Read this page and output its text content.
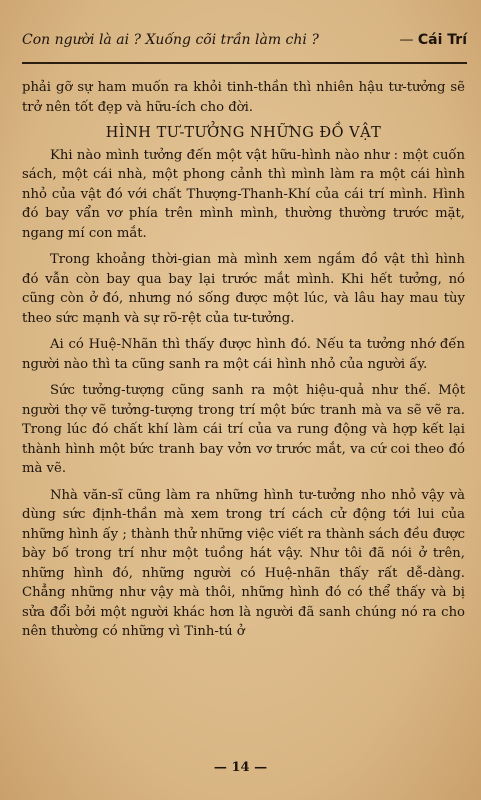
Con người là ai ? Xuống cõi trần làm chi ?	— Cái Trí

phải gỡ sự ham muốn ra khỏi tinh-thần thì nhiên hậu tư-tưởng sẽ trở nên tốt đẹp và hữu-ích cho đời.

HÌNH TƯ-TƯỞNG NHỮNG ĐỒ VẬT

Khi nào mình tưởng đến một vật hữu-hình nào như : một cuốn sách, một cái nhà, một phong cảnh thì mình làm ra một cái hình nhỏ của vật đó với chất Thượng-Thanh-Khí của cái trí mình. Hình đó bay vẩn vơ phía trên mình mình, thường thường trước mặt, ngang mí con mắt.

Trong khoảng thời-gian mà mình xem ngắm đồ vật thì hình đó vẫn còn bay qua bay lại trước mắt mình. Khi hết tưởng, nó cũng còn ở đó, nhưng nó sống được một lúc, và lâu hay mau tùy theo sức mạnh và sự rõ-rệt của tư-tưởng.

Ai có Huệ-Nhãn thì thấy được hình đó. Nếu ta tưởng nhớ đến người nào thì ta cũng sanh ra một cái hình nhỏ của người ấy.

Sức tưởng-tượng cũng sanh ra một hiệu-quả như thế. Một người thợ vẽ tưởng-tượng trong trí một bức tranh mà va sẽ vẽ ra. Trong lúc đó chất khí làm cái trí của va rung động và hợp kết lại thành hình một bức tranh bay vởn vơ trước mắt, va cứ coi theo đó mà vẽ.

Nhà văn-sĩ cũng làm ra những hình tư-tưởng nho nhỏ vậy và dùng sức định-thần mà xem trong trí cách cử động tới lui của những hình ấy ; thành thử những việc viết ra thành sách đều được bày bố trong trí như một tuồng hát vậy. Như tôi đã nói ở trên, những hình đó, những người có Huệ-nhãn thấy rất dễ-dàng. Chẳng những như vậy mà thôi, những hình đó có thể thấy và bị sửa đổi bởi một người khác hơn là người đã sanh chúng nó ra cho nên thường có những vì Tinh-tú ở

— 14 —
